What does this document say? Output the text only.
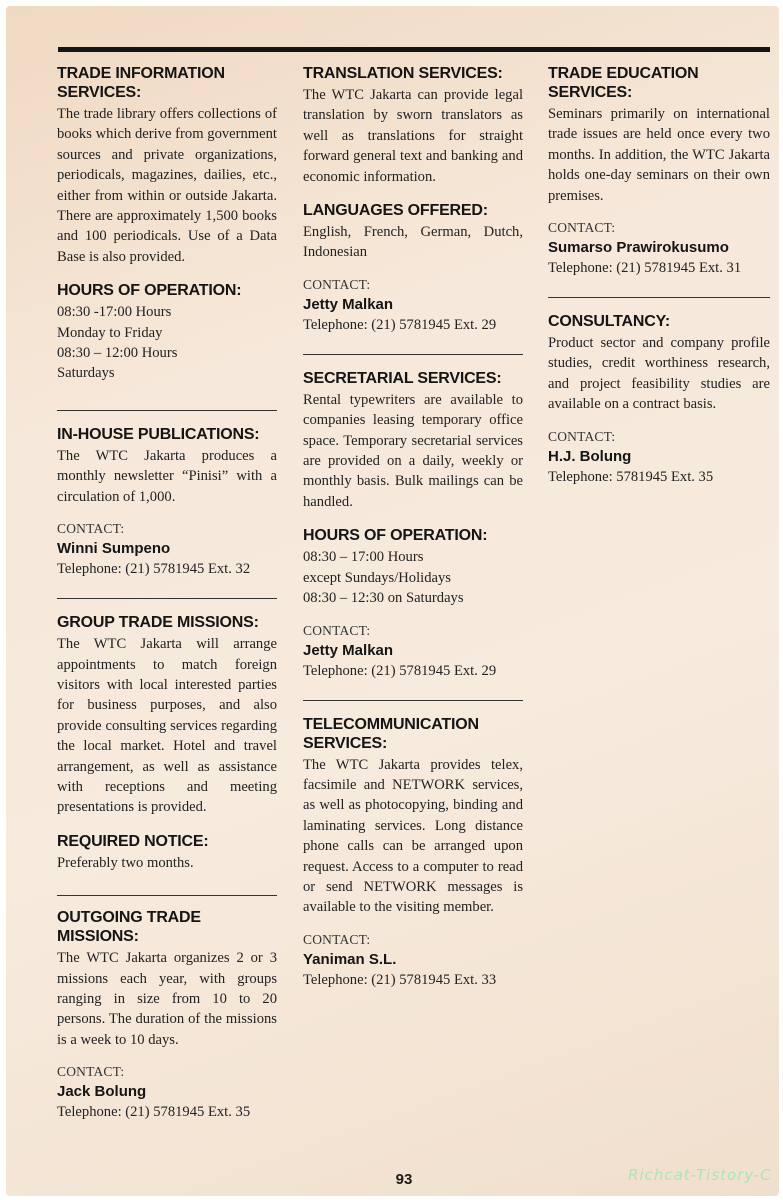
TRADE INFORMATION SERVICES:

The trade library offers collections of books which derive from government sources and private organizations, periodicals, magazines, dailies, etc., either from within or outside Jakarta. There are approximately 1,500 books and 100 periodicals. Use of a Data Base is also provided.

HOURS OF OPERATION:
08:30 -17:00 Hours
Monday to Friday
08:30 – 12:00 Hours
Saturdays
IN-HOUSE PUBLICATIONS:

The WTC Jakarta produces a monthly newsletter “Pinisi” with a circulation of 1,000.

CONTACT:
Winni Sumpeno
Telephone: (21) 5781945 Ext. 32
GROUP TRADE MISSIONS:

The WTC Jakarta will arrange appointments to match foreign visitors with local interested parties for business purposes, and also provide consulting services regarding the local market. Hotel and travel arrangement, as well as assistance with receptions and meeting presentations is provided.

REQUIRED NOTICE:

Preferably two months.

OUTGOING TRADE MISSIONS:

The WTC Jakarta organizes 2 or 3 missions each year, with groups ranging in size from 10 to 20 persons. The duration of the missions is a week to 10 days.

CONTACT:
Jack Bolung
Telephone: (21) 5781945 Ext. 35
TRANSLATION SERVICES:

The WTC Jakarta can provide legal translation by sworn translators as well as translations for straight forward general text and banking and economic information.

LANGUAGES OFFERED:

English, French, German, Dutch, Indonesian

CONTACT:
Jetty Malkan
Telephone: (21) 5781945 Ext. 29
SECRETARIAL SERVICES:

Rental typewriters are available to companies leasing temporary office space. Temporary secretarial services are provided on a daily, weekly or monthly basis. Bulk mailings can be handled.

HOURS OF OPERATION:
08:30 – 17:00 Hours
except Sundays/Holidays
08:30 – 12:30 on Saturdays
CONTACT:
Jetty Malkan
Telephone: (21) 5781945 Ext. 29
TELECOMMUNICATION SERVICES:

The WTC Jakarta provides telex, facsimile and NETWORK services, as well as photocopying, binding and laminating services. Long distance phone calls can be arranged upon request. Access to a computer to read or send NETWORK messages is available to the visiting member.

CONTACT:
Yaniman S.L.
Telephone: (21) 5781945 Ext. 33
TRADE EDUCATION SERVICES:

Seminars primarily on international trade issues are held once every two months. In addition, the WTC Jakarta holds one-day seminars on their own premises.

CONTACT:
Sumarso Prawirokusumo
Telephone: (21) 5781945 Ext. 31
CONSULTANCY:

Product sector and company profile studies, credit worthiness research, and project feasibility studies are available on a contract basis.

CONTACT:
H.J. Bolung
Telephone: 5781945 Ext. 35
93	Richcat-Tistory-C
